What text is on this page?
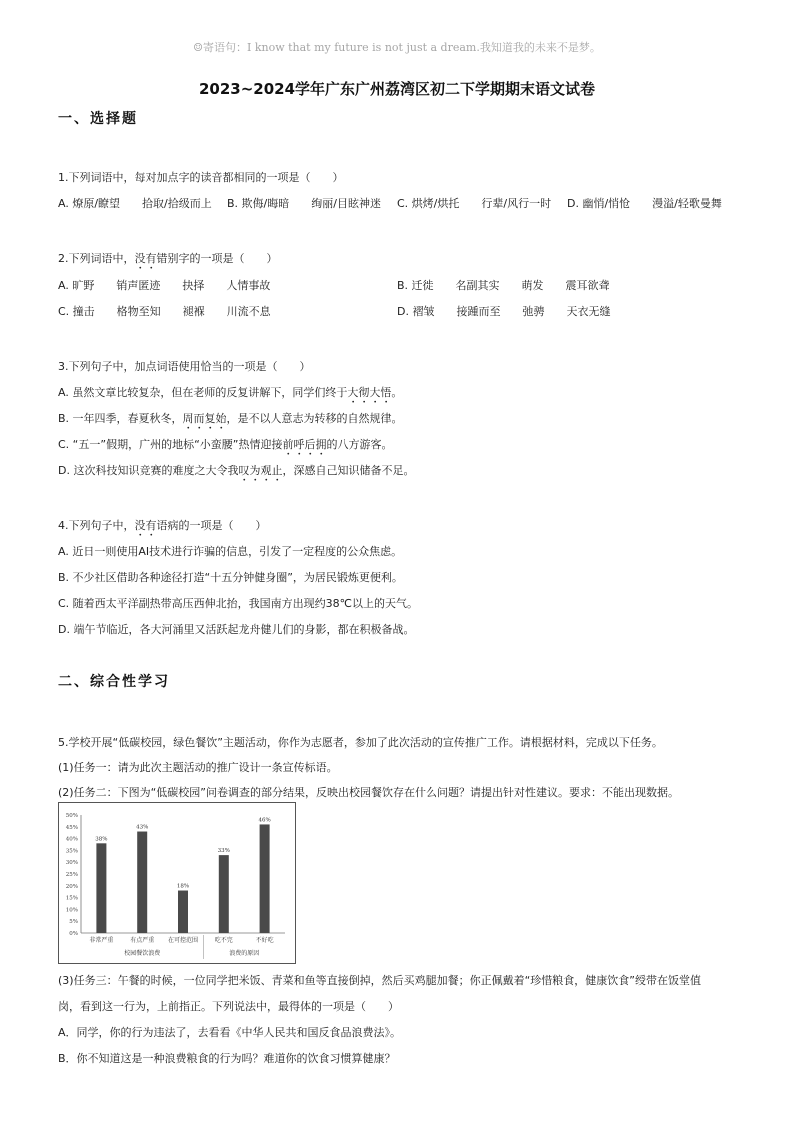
☺寄语句：I know that my future is not just a dream.我知道我的未来不是梦。
2023~2024学年广东广州荔湾区初二下学期期末语文试卷
一、选择题
1.下列词语中，每对加点字的读音都相同的一项是（　　）
A. 燎原/瞭望　　拾取/拾级而上 B. 欺侮/晦暗　　绚丽/目眩神迷 C. 烘烤/烘托　　行辈/风行一时 D. 幽悄/悄怆　　漫溢/轻歌曼舞
2.下列词语中，没有错别字的一项是（　　）
A. 旷野　　销声匿迹　　抉择　　人情事故	B. 迁徙　　名副其实　　萌发　　震耳欲聋
C. 撞击　　格物至知　　褪褓　　川流不息	D. 褶皱　　接踵而至　　弛骋　　天衣无缝
3.下列句子中，加点词语使用恰当的一项是（　　）
A. 虽然文章比较复杂，但在老师的反复讲解下，同学们终于大彻大悟。
B. 一年四季，春夏秋冬，周而复始，是不以人意志为转移的自然规律。
C. “五一”假期，广州的地标“小蛮腰”热情迎接前呼后拥的八方游客。
D. 这次科技知识竞赛的难度之大令我叹为观止，深感自己知识储备不足。
4.下列句子中，没有语病的一项是（　　）
A. 近日一则使用AI技术进行诈骗的信息，引发了一定程度的公众焦虑。
B. 不少社区借助各种途径打造“十五分钟健身圈”，为居民锻炼更便利。
C. 随着西太平洋副热带高压西伸北抬，我国南方出现约38℃以上的天气。
D. 端午节临近，各大河涌里又活跃起龙舟健儿们的身影，都在积极备战。
二、综合性学习
5.学校开展“低碳校园，绿色餐饮”主题活动，你作为志愿者，参加了此次活动的宣传推广工作。请根据材料，完成以下任务。
(1)任务一：请为此次主题活动的推广设计一条宣传标语。
(2)任务二：下图为“低碳校园”问卷调查的部分结果，反映出校园餐饮存在什么问题？请提出针对性建议。要求：不能出现数据。
0%
5%
10%
15%
20%
25%
30%
35%
40%
45%
50%
38%
非常严重
43%
有点严重
18%
在可控范围
33%
吃不完
46%
不好吃
校园餐饮浪费	浪费的原因
(3)任务三：午餐的时候，一位同学把米饭、青菜和鱼等直接倒掉，然后买鸡腿加餐；你正佩戴着“珍惜粮食，健康饮食”绶带在饭堂值
岗，看到这一行为，上前指正。下列说法中，最得体的一项是（　　）
A．同学，你的行为违法了，去看看《中华人民共和国反食品浪费法》。
B．你不知道这是一种浪费粮食的行为吗？难道你的饮食习惯算健康？
